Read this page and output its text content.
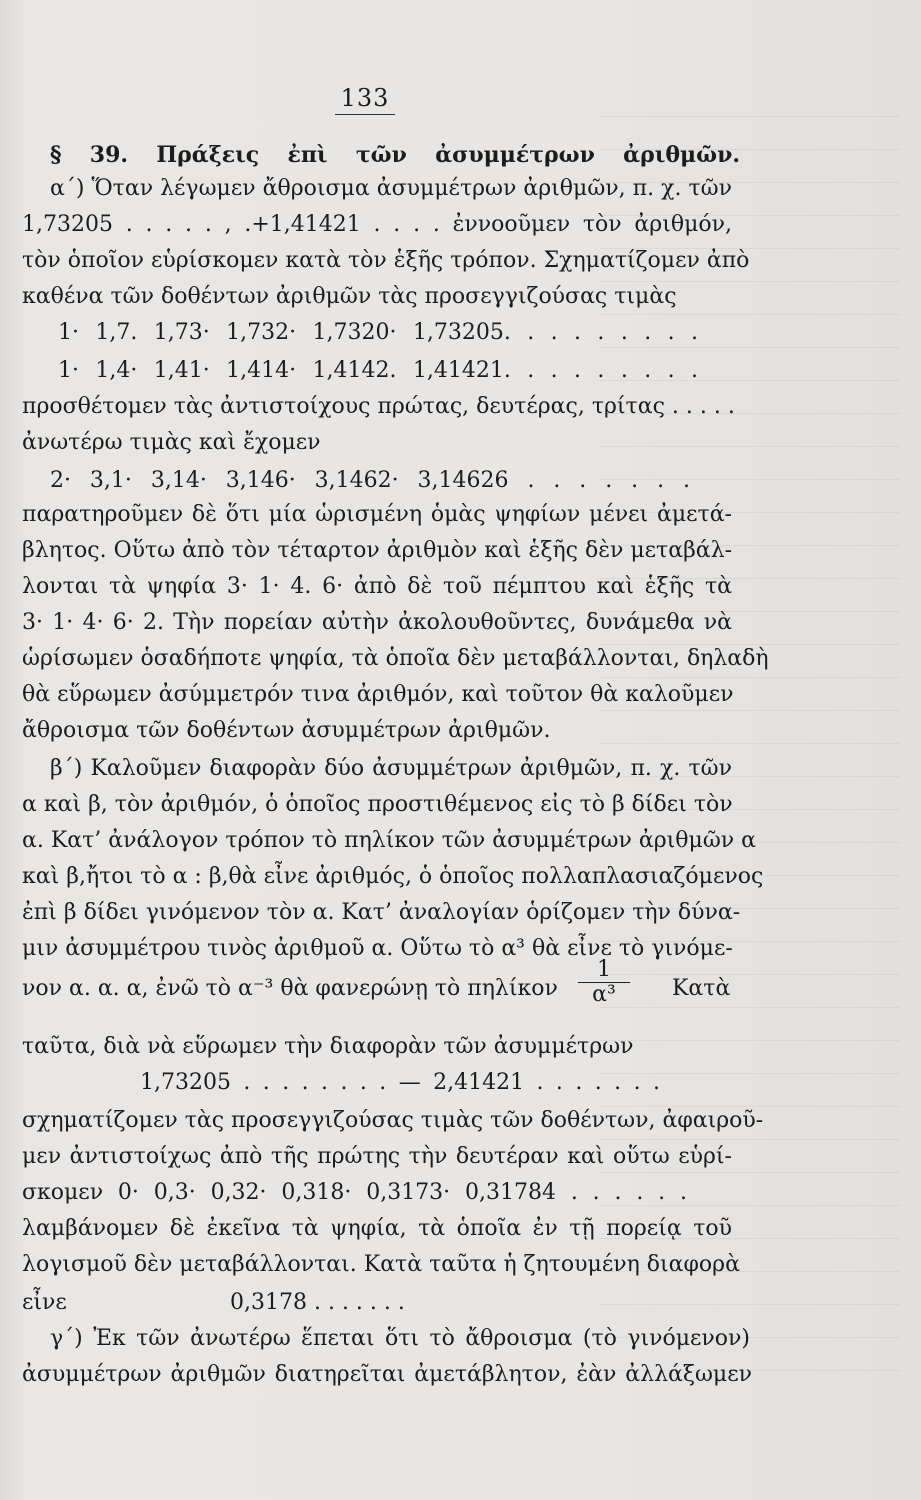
133
§ 39. Πράξεις ἐπὶ τῶν ἀσυμμέτρων ἀριθμῶν.
α΄) Ὅταν λέγωμεν ἄθροισμα ἀσυμμέτρων ἀριθμῶν, π. χ. τῶν
1,73205 . . . . . , .+1,41421 . . . . ἐννοοῦμεν τὸν ἀριθμόν,
τὸν ὁποῖον εὑρίσκομεν κατὰ τὸν ἑξῆς τρόπον. Σχηματίζομεν ἀπὸ
καθένα τῶν δοθέντων ἀριθμῶν τὰς προσεγγιζούσας τιμὰς
1· 1,7. 1,73· 1,732· 1,7320· 1,73205. . . . . . . . .
1· 1,4· 1,41· 1,414· 1,4142. 1,41421. . . . . . . . .
προσθέτομεν τὰς ἀντιστοίχους πρώτας, δευτέρας, τρίτας . . . . .
ἀνωτέρω τιμὰς καὶ ἔχομεν
2· 3,1· 3,14· 3,146· 3,1462· 3,14626 . . . . . . .
παρατηροῦμεν δὲ ὅτι μία ὡρισμένη ὁμὰς ψηφίων μένει ἀμετά-
βλητος. Οὕτω ἀπὸ τὸν τέταρτον ἀριθμὸν καὶ ἑξῆς δὲν μεταβάλ-
λονται τὰ ψηφία 3· 1· 4. 6· ἀπὸ δὲ τοῦ πέμπτου καὶ ἑξῆς τὰ
3· 1· 4· 6· 2. Τὴν πορείαν αὐτὴν ἀκολουθοῦντες, δυνάμεθα νὰ
ὡρίσωμεν ὁσαδήποτε ψηφία, τὰ ὁποῖα δὲν μεταβάλλονται, δηλαδὴ
θὰ εὕρωμεν ἀσύμμετρόν τινα ἀριθμόν, καὶ τοῦτον θὰ καλοῦμεν
ἄθροισμα τῶν δοθέντων ἀσυμμέτρων ἀριθμῶν.
β΄) Καλοῦμεν διαφορὰν δύο ἀσυμμέτρων ἀριθμῶν, π. χ. τῶν
α καὶ β, τὸν ἀριθμόν, ὁ ὁποῖος προστιθέμενος εἰς τὸ β δίδει τὸν
α. Κατ’ ἀνάλογον τρόπον τὸ πηλίκον τῶν ἀσυμμέτρων ἀριθμῶν α
καὶ β,ἤτοι τὸ α : β,θὰ εἶνε ἀριθμός, ὁ ὁποῖος πολλαπλασιαζόμενος
ἐπὶ β δίδει γινόμενον τὸν α. Κατ’ ἀναλογίαν ὁρίζομεν τὴν δύνα-
μιν ἀσυμμέτρου τινὸς ἀριθμοῦ α. Οὕτω τὸ α³ θὰ εἶνε τὸ γινόμε-
νον α. α. α, ἐνῶ τὸ α⁻³ θὰ φανερώνῃ τὸ πηλίκον $\frac{1}{\text{α³}}$ Κατὰ
ταῦτα, διὰ νὰ εὕρωμεν τὴν διαφορὰν τῶν ἀσυμμέτρων
1,73205 . . . . . . . . — 2,41421 . . . . . . .
σχηματίζομεν τὰς προσεγγιζούσας τιμὰς τῶν δοθέντων, ἀφαιροῦ-
μεν ἀντιστοίχως ἀπὸ τῆς πρώτης τὴν δευτέραν καὶ οὕτω εὑρί-
σκομεν 0· 0,3· 0,32· 0,318· 0,3173· 0,31784 . . . . . .
λαμβάνομεν δὲ ἐκεῖνα τὰ ψηφία, τὰ ὁποῖα ἐν τῇ πορείᾳ τοῦ
λογισμοῦ δὲν μεταβάλλονται. Κατὰ ταῦτα ἡ ζητουμένη διαφορὰ
εἶνε	0,3178 . . . . . . .
γ΄) Ἐκ τῶν ἀνωτέρω ἕπεται ὅτι τὸ ἄθροισμα (τὸ γινόμενον)
ἀσυμμέτρων ἀριθμῶν διατηρεῖται ἀμετάβλητον, ἐὰν ἀλλάξωμεν
